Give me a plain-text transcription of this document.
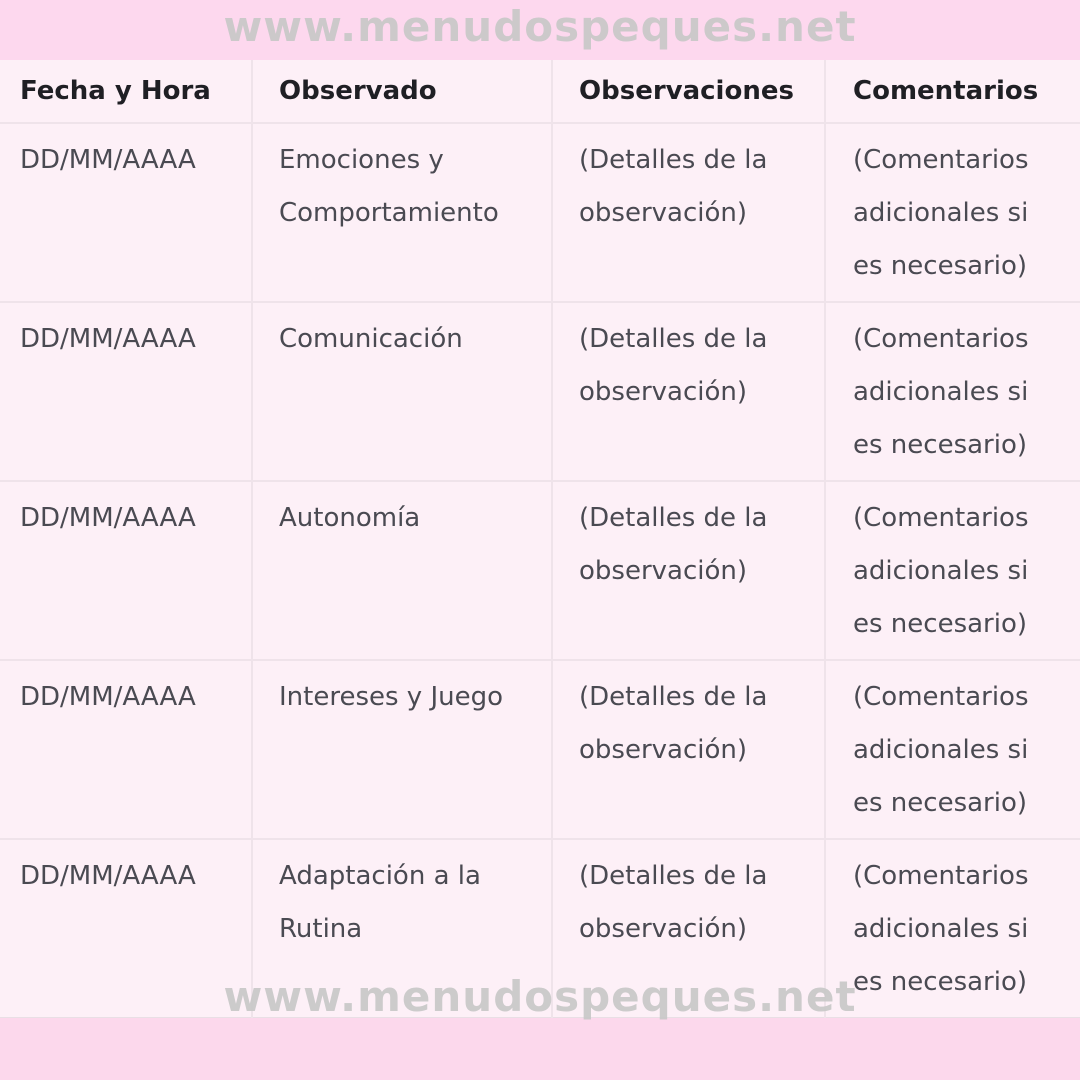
www.menudospeques.net
Fecha y Hora	Observado	Observaciones	Comentarios

DD/MM/AAAA	Emociones y Comportamiento	(Detalles de la observación)	(Comentarios adicionales si es necesario)

DD/MM/AAAA	Comunicación	(Detalles de la observación)	(Comentarios adicionales si es necesario)

DD/MM/AAAA	Autonomía	(Detalles de la observación)	(Comentarios adicionales si es necesario)

DD/MM/AAAA	Intereses y Juego	(Detalles de la observación)	(Comentarios adicionales si es necesario)

DD/MM/AAAA	Adaptación a la Rutina	(Detalles de la observación)	(Comentarios adicionales si es necesario)
www.menudospeques.net
